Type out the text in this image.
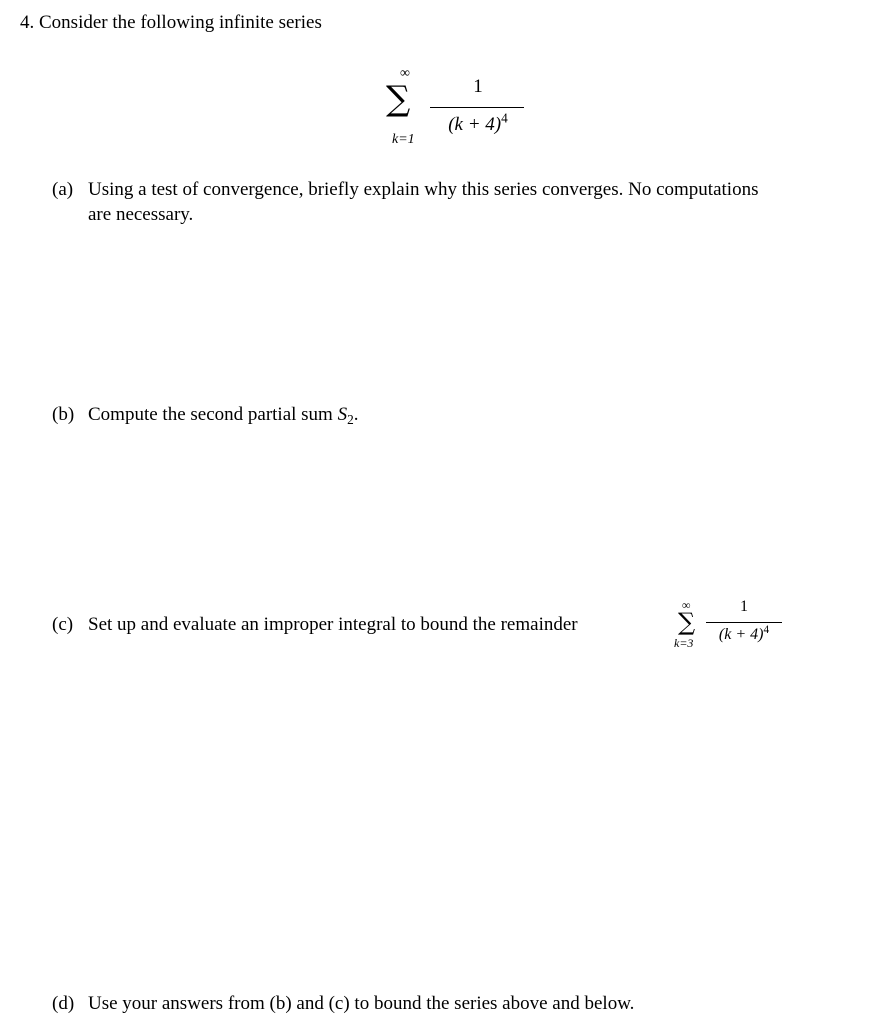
4. Consider the following infinite series
∞
∑
k=1
1
$(k + 4)^4$
(a) Using a test of convergence, briefly explain why this series converges. No computations
are necessary.
(b) Compute the second partial sum $S_2$.
(c) Set up and evaluate an improper integral to bound the remainder
∞
∑
k=3
1
$(k + 4)^4$
(d) Use your answers from (b) and (c) to bound the series above and below.
